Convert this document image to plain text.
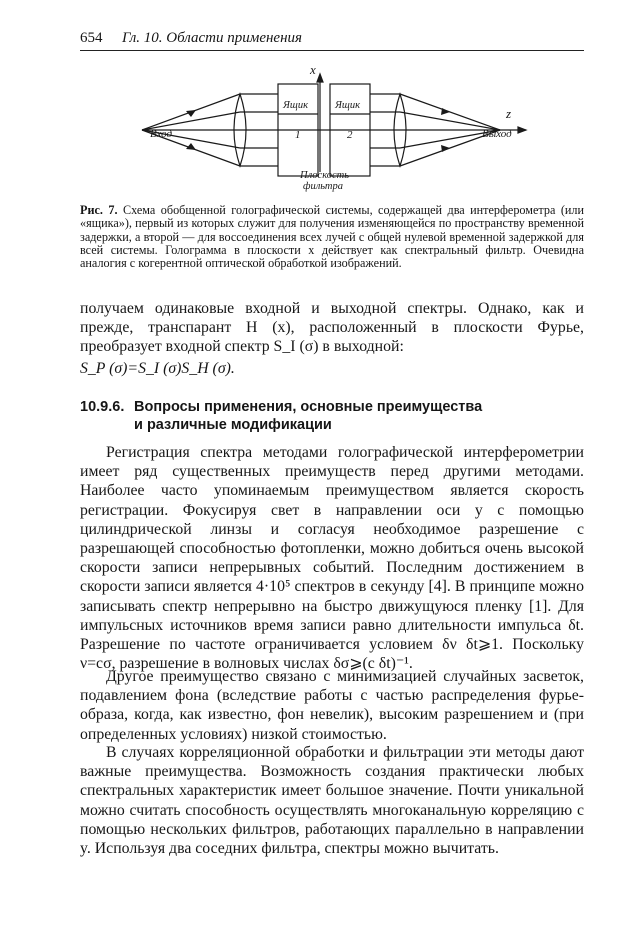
654 Гл. 10. Области применения
x
z
Вход	Выход
Ящик
1
Ящик
2
Плоскость
фильтра
Рис. 7. Схема обобщенной голографической системы, содержащей два интерферометра (или «ящика»), первый из которых служит для получения изменяющейся по пространству временной задержки, а второй — для воссоединения всех лучей с общей нулевой временной задержкой для всей системы. Голограмма в плоскости x действует как спектральный фильтр. Очевидна аналогия с когерентной оптической обработкой изображений.
получаем одинаковые входной и выходной спектры. Однако, как и прежде, транспарант H (x), расположенный в плоскости Фурье, преобразует входной спектр S_I (σ) в выходной:
S_P (σ)=S_I (σ)S_H (σ).
10.9.6. Вопросы применения, основные преимущества
и различные модификации
Регистрация спектра методами голографической интерферометрии имеет ряд существенных преимуществ перед другими методами. Наиболее часто упоминаемым преимуществом является скорость регистрации. Фокусируя свет в направлении оси y с помощью цилиндрической линзы и согласуя необходимое разрешение с разрешающей способностью фотопленки, можно добиться очень высокой скорости записи непрерывных событий. Последним достижением в скорости записи является 4·10⁵ спектров в секунду [4]. В принципе можно записывать спектр непрерывно на быстро движущуюся пленку [1]. Для импульсных источников время записи равно длительности импульса δt. Разрешение по частоте ограничивается условием δν δt⩾1. Поскольку ν=cσ, разрешение в волновых числах δσ⩾(c δt)⁻¹.
Другое преимущество связано с минимизацией случайных засветок, подавлением фона (вследствие работы с частью распределения фурье-образа, когда, как известно, фон невелик), высоким разрешением и (при определенных условиях) низкой стоимостью.
В случаях корреляционной обработки и фильтрации эти методы дают важные преимущества. Возможность создания практически любых спектральных характеристик имеет большое значение. Почти уникальной можно считать способность осуществлять многоканальную корреляцию с помощью нескольких фильтров, работающих параллельно в направлении y. Используя два соседних фильтра, спектры можно вычитать.
